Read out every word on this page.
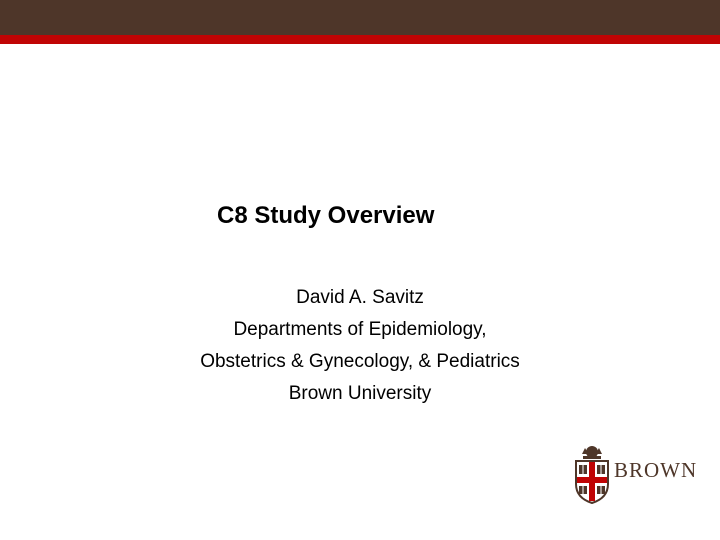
C8 Study Overview
David A. Savitz
Departments of Epidemiology,
Obstetrics & Gynecology, & Pediatrics
Brown University
BROWN
